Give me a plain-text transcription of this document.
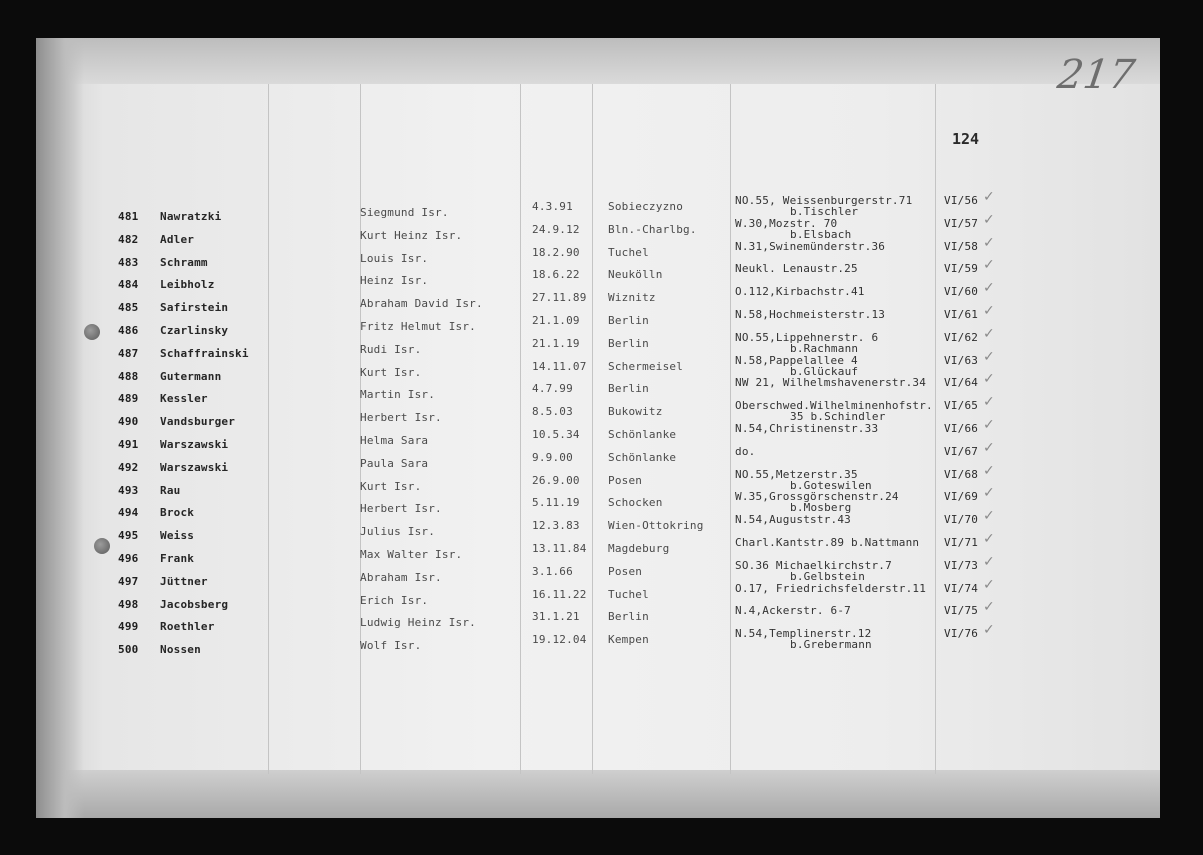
217
124
481 Nawratzki	Siegmund Isr.	4.3.91	Sobieczyzno	NO.55, Weissenburgerstr.71	VI/56
b.Tischler
✓
482 Adler	Kurt Heinz Isr.	24.9.12	Bln.-Charlbg.	W.30,Mozstr. 70	VI/57
b.Elsbach
✓
483 Schramm	Louis Isr.	18.2.90	Tuchel	N.31,Swinemünderstr.36	VI/58 ✓
484 Leibholz	Heinz Isr.	18.6.22	Neukölln	Neukl. Lenaustr.25	VI/59 ✓
485 Safirstein	Abraham David Isr.	27.11.89 Wiznitz	O.112,Kirbachstr.41	VI/60 ✓
486 Czarlinsky	Fritz Helmut Isr.	21.1.09	Berlin	N.58,Hochmeisterstr.13	VI/61 ✓
487 Schaffrainski	Rudi Isr.	21.1.19	Berlin	NO.55,Lippehnerstr. 6	VI/62
b.Rachmann
✓
488 Gutermann	Kurt Isr.	14.11.07 Schermeisel	N.58,Pappelallee 4	VI/63
b.Glückauf
✓
489 Kessler	Martin Isr.	4.7.99	Berlin	NW 21, Wilhelmshavenerstr.34 VI/64 ✓
490 Vandsburger	Herbert Isr.	8.5.03	Bukowitz	Oberschwed.Wilhelminenhofstr. VI/65
35 b.Schindler
✓
491 Warszawski	Helma Sara	10.5.34	Schönlanke	N.54,Christinenstr.33	VI/66 ✓
492 Warszawski	Paula Sara	9.9.00	Schönlanke	do.	VI/67 ✓
493 Rau	Kurt Isr.	26.9.00	Posen	NO.55,Metzerstr.35	VI/68
b.Goteswilen
✓
494 Brock	Herbert Isr.	5.11.19	Schocken	W.35,Grossgörschenstr.24	VI/69
b.Mosberg
✓
495 Weiss	Julius Isr.	12.3.83	Wien-Ottokring	N.54,Auguststr.43	VI/70 ✓
496 Frank	Max Walter Isr.	13.11.84 Magdeburg	Charl.Kantstr.89 b.Nattmann VI/71 ✓
497 Jüttner	Abraham Isr.	3.1.66	Posen	SO.36 Michaelkirchstr.7	VI/73
b.Gelbstein
✓
498 Jacobsberg	Erich Isr.	16.11.22 Tuchel	O.17, Friedrichsfelderstr.11 VI/74 ✓
499 Roethler	Ludwig Heinz Isr.	31.1.21	Berlin	N.4,Ackerstr. 6-7	VI/75 ✓
500 Nossen	Wolf Isr.	19.12.04 Kempen	N.54,Templinerstr.12	VI/76
b.Grebermann
✓
